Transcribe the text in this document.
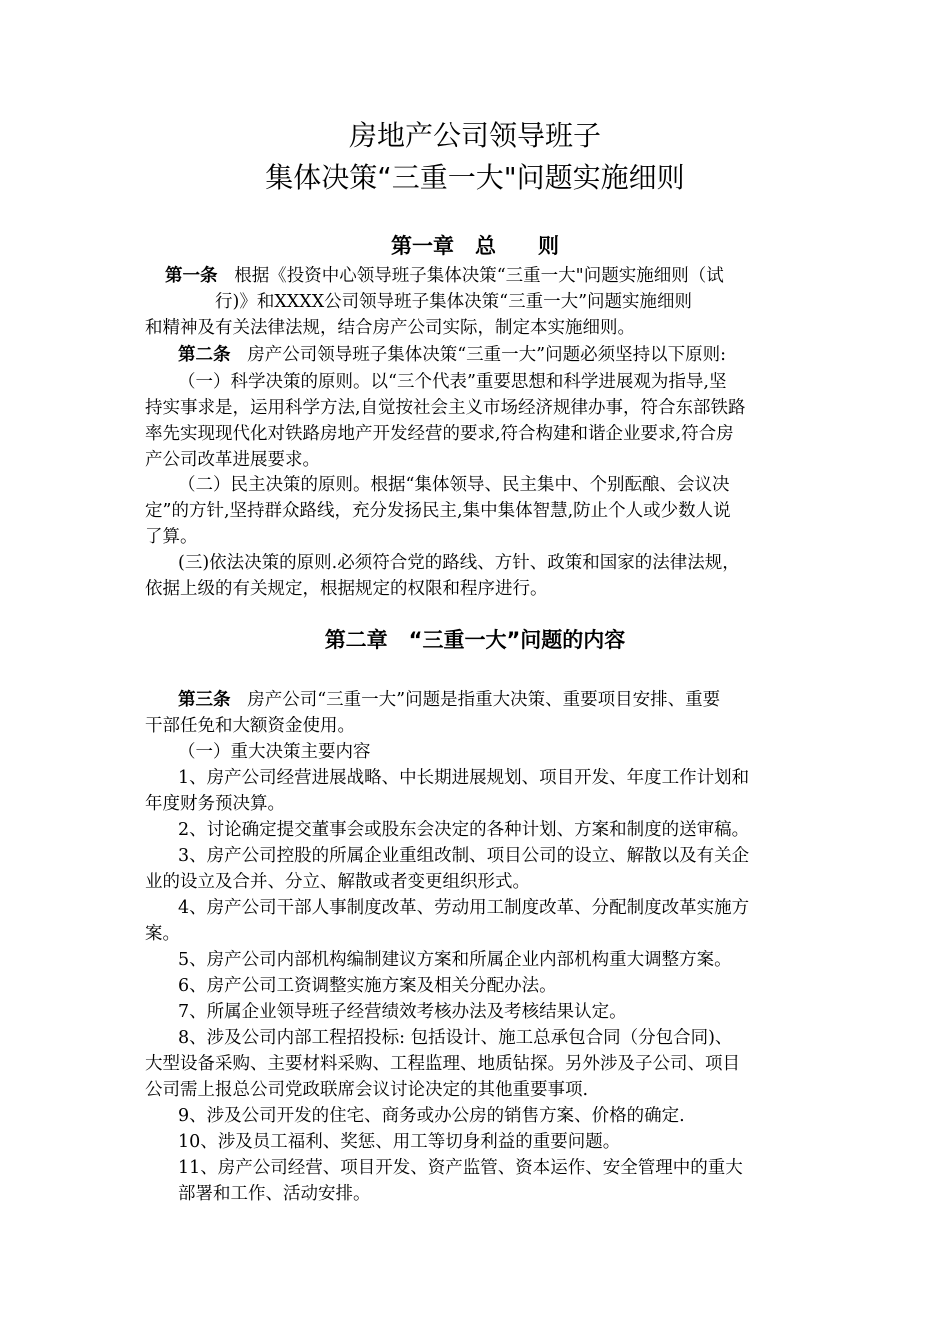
房地产公司领导班子
集体决策“三重一大"问题实施细则
第一章　总　　则
第一条 根据《投资中心领导班子集体决策“三重一大"问题实施细则（试
行)》和XXXX公司领导班子集体决策“三重一大”问题实施细则
和精神及有关法律法规，结合房产公司实际，制定本实施细则。
第二条 房产公司领导班子集体决策“三重一大”问题必须坚持以下原则:
（一）科学决策的原则。以“三个代表”重要思想和科学进展观为指导,坚
持实事求是，运用科学方法,自觉按社会主义市场经济规律办事，符合东部铁路
率先实现现代化对铁路房地产开发经营的要求,符合构建和谐企业要求,符合房
产公司改革进展要求。
（二）民主决策的原则。根据“集体领导、民主集中、个别酝酿、会议决
定”的方针,坚持群众路线，充分发扬民主,集中集体智慧,防止个人或少数人说
了算。
(三)依法决策的原则.必须符合党的路线、方针、政策和国家的法律法规，
依据上级的有关规定，根据规定的权限和程序进行。
第二章　“三重一大”问题的内容
第三条 房产公司“三重一大”问题是指重大决策、重要项目安排、重要
干部任免和大额资金使用。
（一）重大决策主要内容
1、房产公司经营进展战略、中长期进展规划、项目开发、年度工作计划和
年度财务预决算。
2、讨论确定提交董事会或股东会决定的各种计划、方案和制度的送审稿。
3、房产公司控股的所属企业重组改制、项目公司的设立、解散以及有关企
业的设立及合并、分立、解散或者变更组织形式。
4、房产公司干部人事制度改革、劳动用工制度改革、分配制度改革实施方
案。
5、房产公司内部机构编制建议方案和所属企业内部机构重大调整方案。
6、房产公司工资调整实施方案及相关分配办法。
7、所属企业领导班子经营绩效考核办法及考核结果认定。
8、涉及公司内部工程招投标: 包括设计、施工总承包合同（分包合同)、
大型设备采购、主要材料采购、工程监理、地质钻探。另外涉及子公司、项目
公司需上报总公司党政联席会议讨论决定的其他重要事项.
9、涉及公司开发的住宅、商务或办公房的销售方案、价格的确定.
10、涉及员工福利、奖惩、用工等切身利益的重要问题。
11、房产公司经营、项目开发、资产监管、资本运作、安全管理中的重大
部署和工作、活动安排。
